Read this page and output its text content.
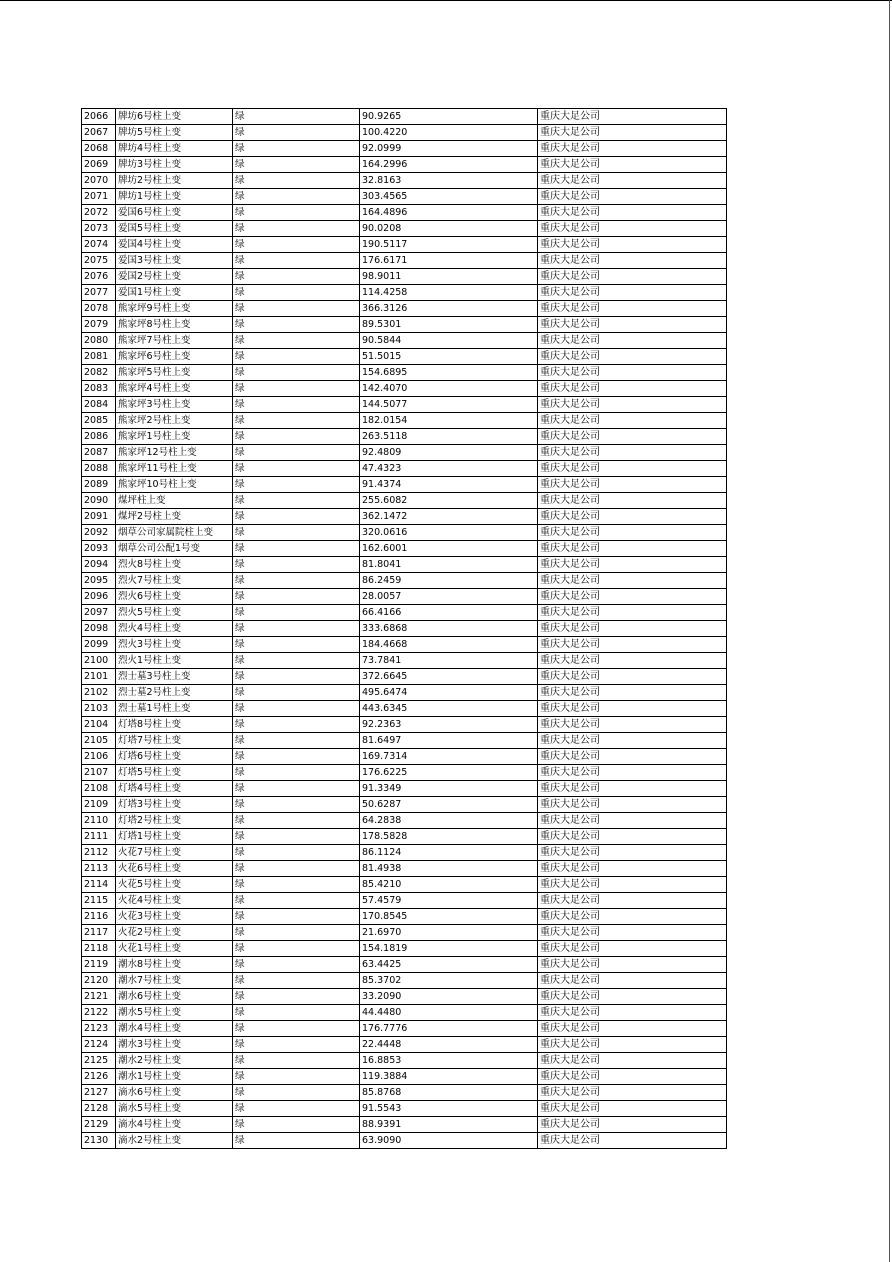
2066	牌坊6号柱上变	绿	90.9265	重庆大足公司
2067	牌坊5号柱上变	绿	100.4220	重庆大足公司
2068	牌坊4号柱上变	绿	92.0999	重庆大足公司
2069	牌坊3号柱上变	绿	164.2996	重庆大足公司
2070	牌坊2号柱上变	绿	32.8163	重庆大足公司
2071	牌坊1号柱上变	绿	303.4565	重庆大足公司
2072	爱国6号柱上变	绿	164.4896	重庆大足公司
2073	爱国5号柱上变	绿	90.0208	重庆大足公司
2074	爱国4号柱上变	绿	190.5117	重庆大足公司
2075	爱国3号柱上变	绿	176.6171	重庆大足公司
2076	爱国2号柱上变	绿	98.9011	重庆大足公司
2077	爱国1号柱上变	绿	114.4258	重庆大足公司
2078	熊家坪9号柱上变	绿	366.3126	重庆大足公司
2079	熊家坪8号柱上变	绿	89.5301	重庆大足公司
2080	熊家坪7号柱上变	绿	90.5844	重庆大足公司
2081	熊家坪6号柱上变	绿	51.5015	重庆大足公司
2082	熊家坪5号柱上变	绿	154.6895	重庆大足公司
2083	熊家坪4号柱上变	绿	142.4070	重庆大足公司
2084	熊家坪3号柱上变	绿	144.5077	重庆大足公司
2085	熊家坪2号柱上变	绿	182.0154	重庆大足公司
2086	熊家坪1号柱上变	绿	263.5118	重庆大足公司
2087	熊家坪12号柱上变	绿	92.4809	重庆大足公司
2088	熊家坪11号柱上变	绿	47.4323	重庆大足公司
2089	熊家坪10号柱上变	绿	91.4374	重庆大足公司
2090	煤坪柱上变	绿	255.6082	重庆大足公司
2091	煤坪2号柱上变	绿	362.1472	重庆大足公司
2092	烟草公司家属院柱上变	绿	320.0616	重庆大足公司
2093	烟草公司公配1号变	绿	162.6001	重庆大足公司
2094	烈火8号柱上变	绿	81.8041	重庆大足公司
2095	烈火7号柱上变	绿	86.2459	重庆大足公司
2096	烈火6号柱上变	绿	28.0057	重庆大足公司
2097	烈火5号柱上变	绿	66.4166	重庆大足公司
2098	烈火4号柱上变	绿	333.6868	重庆大足公司
2099	烈火3号柱上变	绿	184.4668	重庆大足公司
2100	烈火1号柱上变	绿	73.7841	重庆大足公司
2101	烈士墓3号柱上变	绿	372.6645	重庆大足公司
2102	烈士墓2号柱上变	绿	495.6474	重庆大足公司
2103	烈士墓1号柱上变	绿	443.6345	重庆大足公司
2104	灯塔8号柱上变	绿	92.2363	重庆大足公司
2105	灯塔7号柱上变	绿	81.6497	重庆大足公司
2106	灯塔6号柱上变	绿	169.7314	重庆大足公司
2107	灯塔5号柱上变	绿	176.6225	重庆大足公司
2108	灯塔4号柱上变	绿	91.3349	重庆大足公司
2109	灯塔3号柱上变	绿	50.6287	重庆大足公司
2110	灯塔2号柱上变	绿	64.2838	重庆大足公司
2111	灯塔1号柱上变	绿	178.5828	重庆大足公司
2112	火花7号柱上变	绿	86.1124	重庆大足公司
2113	火花6号柱上变	绿	81.4938	重庆大足公司
2114	火花5号柱上变	绿	85.4210	重庆大足公司
2115	火花4号柱上变	绿	57.4579	重庆大足公司
2116	火花3号柱上变	绿	170.8545	重庆大足公司
2117	火花2号柱上变	绿	21.6970	重庆大足公司
2118	火花1号柱上变	绿	154.1819	重庆大足公司
2119	潮水8号柱上变	绿	63.4425	重庆大足公司
2120	潮水7号柱上变	绿	85.3702	重庆大足公司
2121	潮水6号柱上变	绿	33.2090	重庆大足公司
2122	潮水5号柱上变	绿	44.4480	重庆大足公司
2123	潮水4号柱上变	绿	176.7776	重庆大足公司
2124	潮水3号柱上变	绿	22.4448	重庆大足公司
2125	潮水2号柱上变	绿	16.8853	重庆大足公司
2126	潮水1号柱上变	绿	119.3884	重庆大足公司
2127	滴水6号柱上变	绿	85.8768	重庆大足公司
2128	滴水5号柱上变	绿	91.5543	重庆大足公司
2129	滴水4号柱上变	绿	88.9391	重庆大足公司
2130	滴水2号柱上变	绿	63.9090	重庆大足公司
